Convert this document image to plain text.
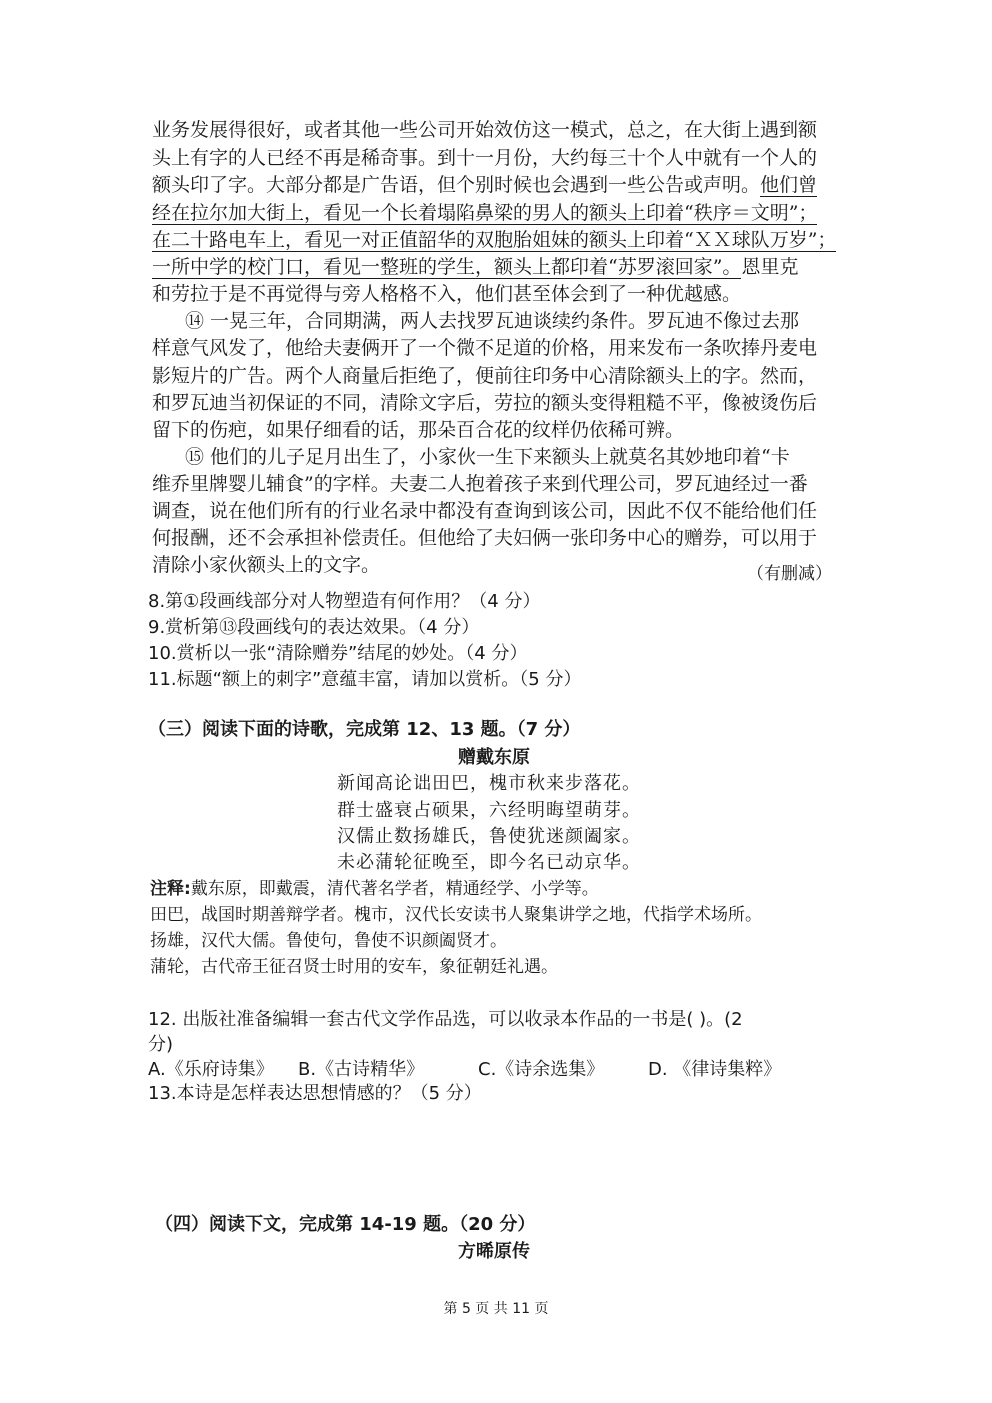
业务发展得很好，或者其他一些公司开始效仿这一模式，总之，在大街上遇到额
头上有字的人已经不再是稀奇事。到十一月份，大约每三十个人中就有一个人的
额头印了字。大部分都是广告语，但个别时候也会遇到一些公告或声明。他们曾
经在拉尔加大街上，看见一个长着塌陷鼻梁的男人的额头上印着“秩序＝文明”；
在二十路电车上，看见一对正值韶华的双胞胎姐妹的额头上印着“ＸＸ球队万岁”；
一所中学的校门口，看见一整班的学生，额头上都印着“苏罗滚回家”。恩里克
和劳拉于是不再觉得与旁人格格不入，他们甚至体会到了一种优越感。
⑭ 一晃三年，合同期满，两人去找罗瓦迪谈续约条件。罗瓦迪不像过去那
样意气风发了，他给夫妻俩开了一个微不足道的价格，用来发布一条吹捧丹麦电
影短片的广告。两个人商量后拒绝了，便前往印务中心清除额头上的字。然而，
和罗瓦迪当初保证的不同，清除文字后，劳拉的额头变得粗糙不平，像被烫伤后
留下的伤疤，如果仔细看的话，那朵百合花的纹样仍依稀可辨。
⑮ 他们的儿子足月出生了，小家伙一生下来额头上就莫名其妙地印着“卡
维乔里牌婴儿辅食”的字样。夫妻二人抱着孩子来到代理公司，罗瓦迪经过一番
调查，说在他们所有的行业名录中都没有查询到该公司，因此不仅不能给他们任
何报酬，还不会承担补偿责任。但他给了夫妇俩一张印务中心的赠券，可以用于
清除小家伙额头上的文字。	（有删减）
8.第①段画线部分对人物塑造有何作用？（4 分）
9.赏析第⑬段画线句的表达效果。（4 分）
10.赏析以一张“清除赠券”结尾的妙处。（4 分）
11.标题“额上的刺字”意蕴丰富，请加以赏析。（5 分）
（三）阅读下面的诗歌，完成第 12、13 题。（7 分）
赠戴东原
新闻高论诎田巴，槐市秋来步落花。
群士盛衰占硕果，六经明晦望萌芽。
汉儒止数扬雄氏，鲁使犹迷颜阖家。
未必蒲轮征晚至，即今名已动京华。
注释:戴东原，即戴震，清代著名学者，精通经学、小学等。
田巴，战国时期善辩学者。槐市，汉代长安读书人聚集讲学之地，代指学术场所。
扬雄，汉代大儒。鲁使句，鲁使不识颜阖贤才。
蒲轮，古代帝王征召贤士时用的安车，象征朝廷礼遇。
12. 出版社准备编辑一套古代文学作品选，可以收录本作品的一书是( )。(2
分)
A.《乐府诗集》 B.《古诗精华》	C.《诗余选集》 D. 《律诗集粹》
13.本诗是怎样表达思想情感的？（5 分）
（四）阅读下文，完成第 14-19 题。（20 分）
方晞原传
第 5 页 共 11 页
